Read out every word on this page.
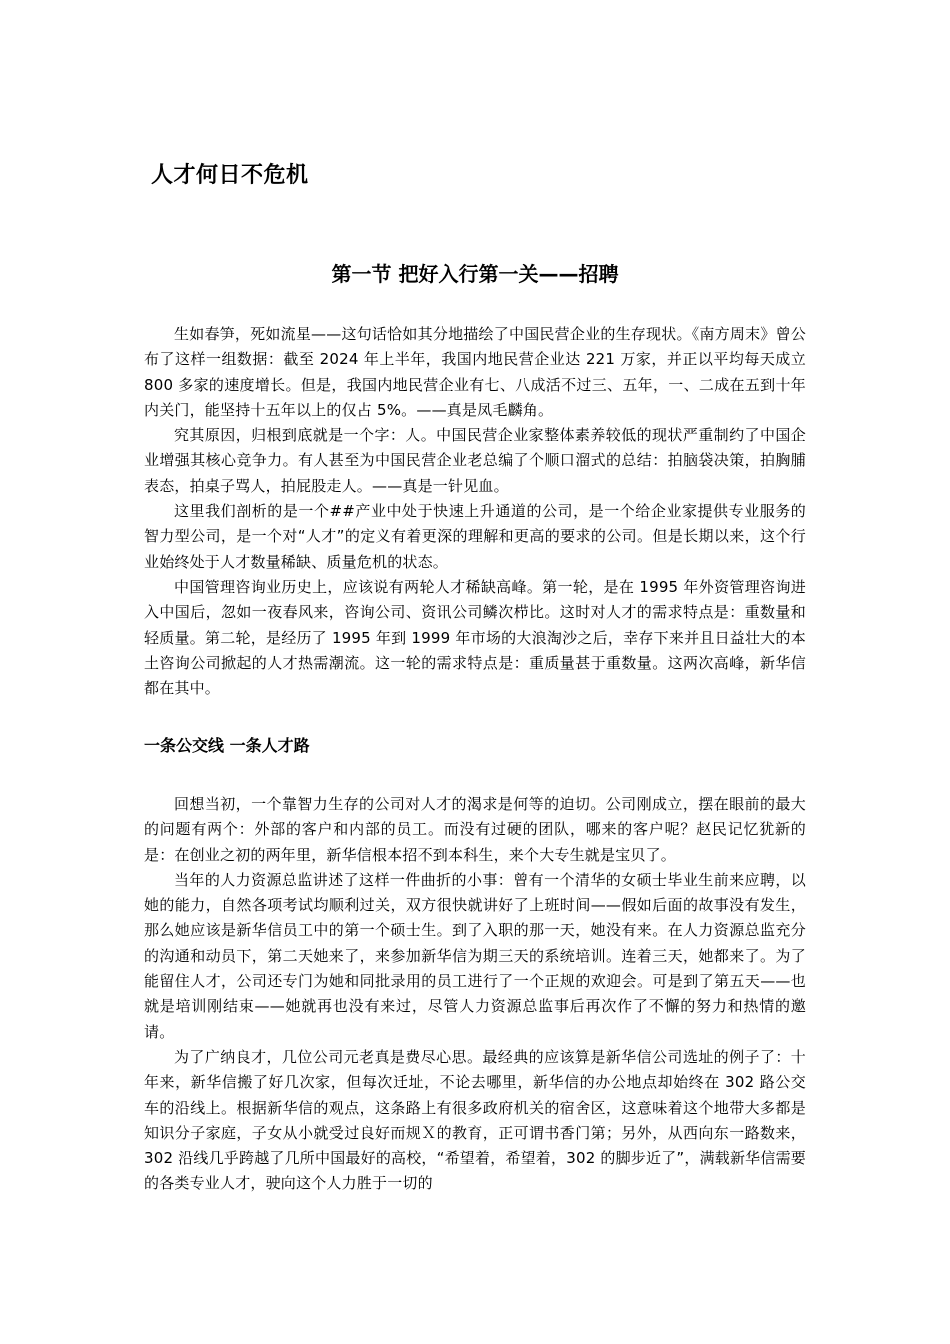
人才何日不危机
第一节 把好入行第一关——招聘

生如春笋，死如流星——这句话恰如其分地描绘了中国民营企业的生存现状。《南方周末》曾公布了这样一组数据：截至 2024 年上半年，我国内地民营企业达 221 万家，并正以平均每天成立 800 多家的速度增长。但是，我国内地民营企业有七、八成活不过三、五年，一、二成在五到十年内关门，能坚持十五年以上的仅占 5%。——真是凤毛麟角。

究其原因，归根到底就是一个字：人。中国民营企业家整体素养较低的现状严重制约了中国企业增强其核心竞争力。有人甚至为中国民营企业老总编了个顺口溜式的总结：拍脑袋决策，拍胸脯表态，拍桌子骂人，拍屁股走人。——真是一针见血。

这里我们剖析的是一个##产业中处于快速上升通道的公司，是一个给企业家提供专业服务的智力型公司，是一个对“人才”的定义有着更深的理解和更高的要求的公司。但是长期以来，这个行业始终处于人才数量稀缺、质量危机的状态。

中国管理咨询业历史上，应该说有两轮人才稀缺高峰。第一轮，是在 1995 年外资管理咨询进入中国后，忽如一夜春风来，咨询公司、资讯公司鳞次栉比。这时对人才的需求特点是：重数量和轻质量。第二轮，是经历了 1995 年到 1999 年市场的大浪淘沙之后，幸存下来并且日益壮大的本土咨询公司掀起的人才热需潮流。这一轮的需求特点是：重质量甚于重数量。这两次高峰，新华信都在其中。

一条公交线 一条人才路

回想当初，一个靠智力生存的公司对人才的渴求是何等的迫切。公司刚成立，摆在眼前的最大的问题有两个：外部的客户和内部的员工。而没有过硬的团队，哪来的客户呢？赵民记忆犹新的是：在创业之初的两年里，新华信根本招不到本科生，来个大专生就是宝贝了。

当年的人力资源总监讲述了这样一件曲折的小事：曾有一个清华的女硕士毕业生前来应聘，以她的能力，自然各项考试均顺利过关，双方很快就讲好了上班时间——假如后面的故事没有发生，那么她应该是新华信员工中的第一个硕士生。到了入职的那一天，她没有来。在人力资源总监充分的沟通和动员下，第二天她来了，来参加新华信为期三天的系统培训。连着三天，她都来了。为了能留住人才，公司还专门为她和同批录用的员工进行了一个正规的欢迎会。可是到了第五天——也就是培训刚结束——她就再也没有来过，尽管人力资源总监事后再次作了不懈的努力和热情的邀请。

为了广纳良才，几位公司元老真是费尽心思。最经典的应该算是新华信公司选址的例子了：十年来，新华信搬了好几次家，但每次迁址，不论去哪里，新华信的办公地点却始终在 302 路公交车的沿线上。根据新华信的观点，这条路上有很多政府机关的宿舍区，这意味着这个地带大多都是知识分子家庭，子女从小就受过良好而规Ｘ的教育，正可谓书香门第；另外，从西向东一路数来，302 沿线几乎跨越了几所中国最好的高校，“希望着，希望着，302 的脚步近了”，满载新华信需要的各类专业人才，驶向这个人力胜于一切的
